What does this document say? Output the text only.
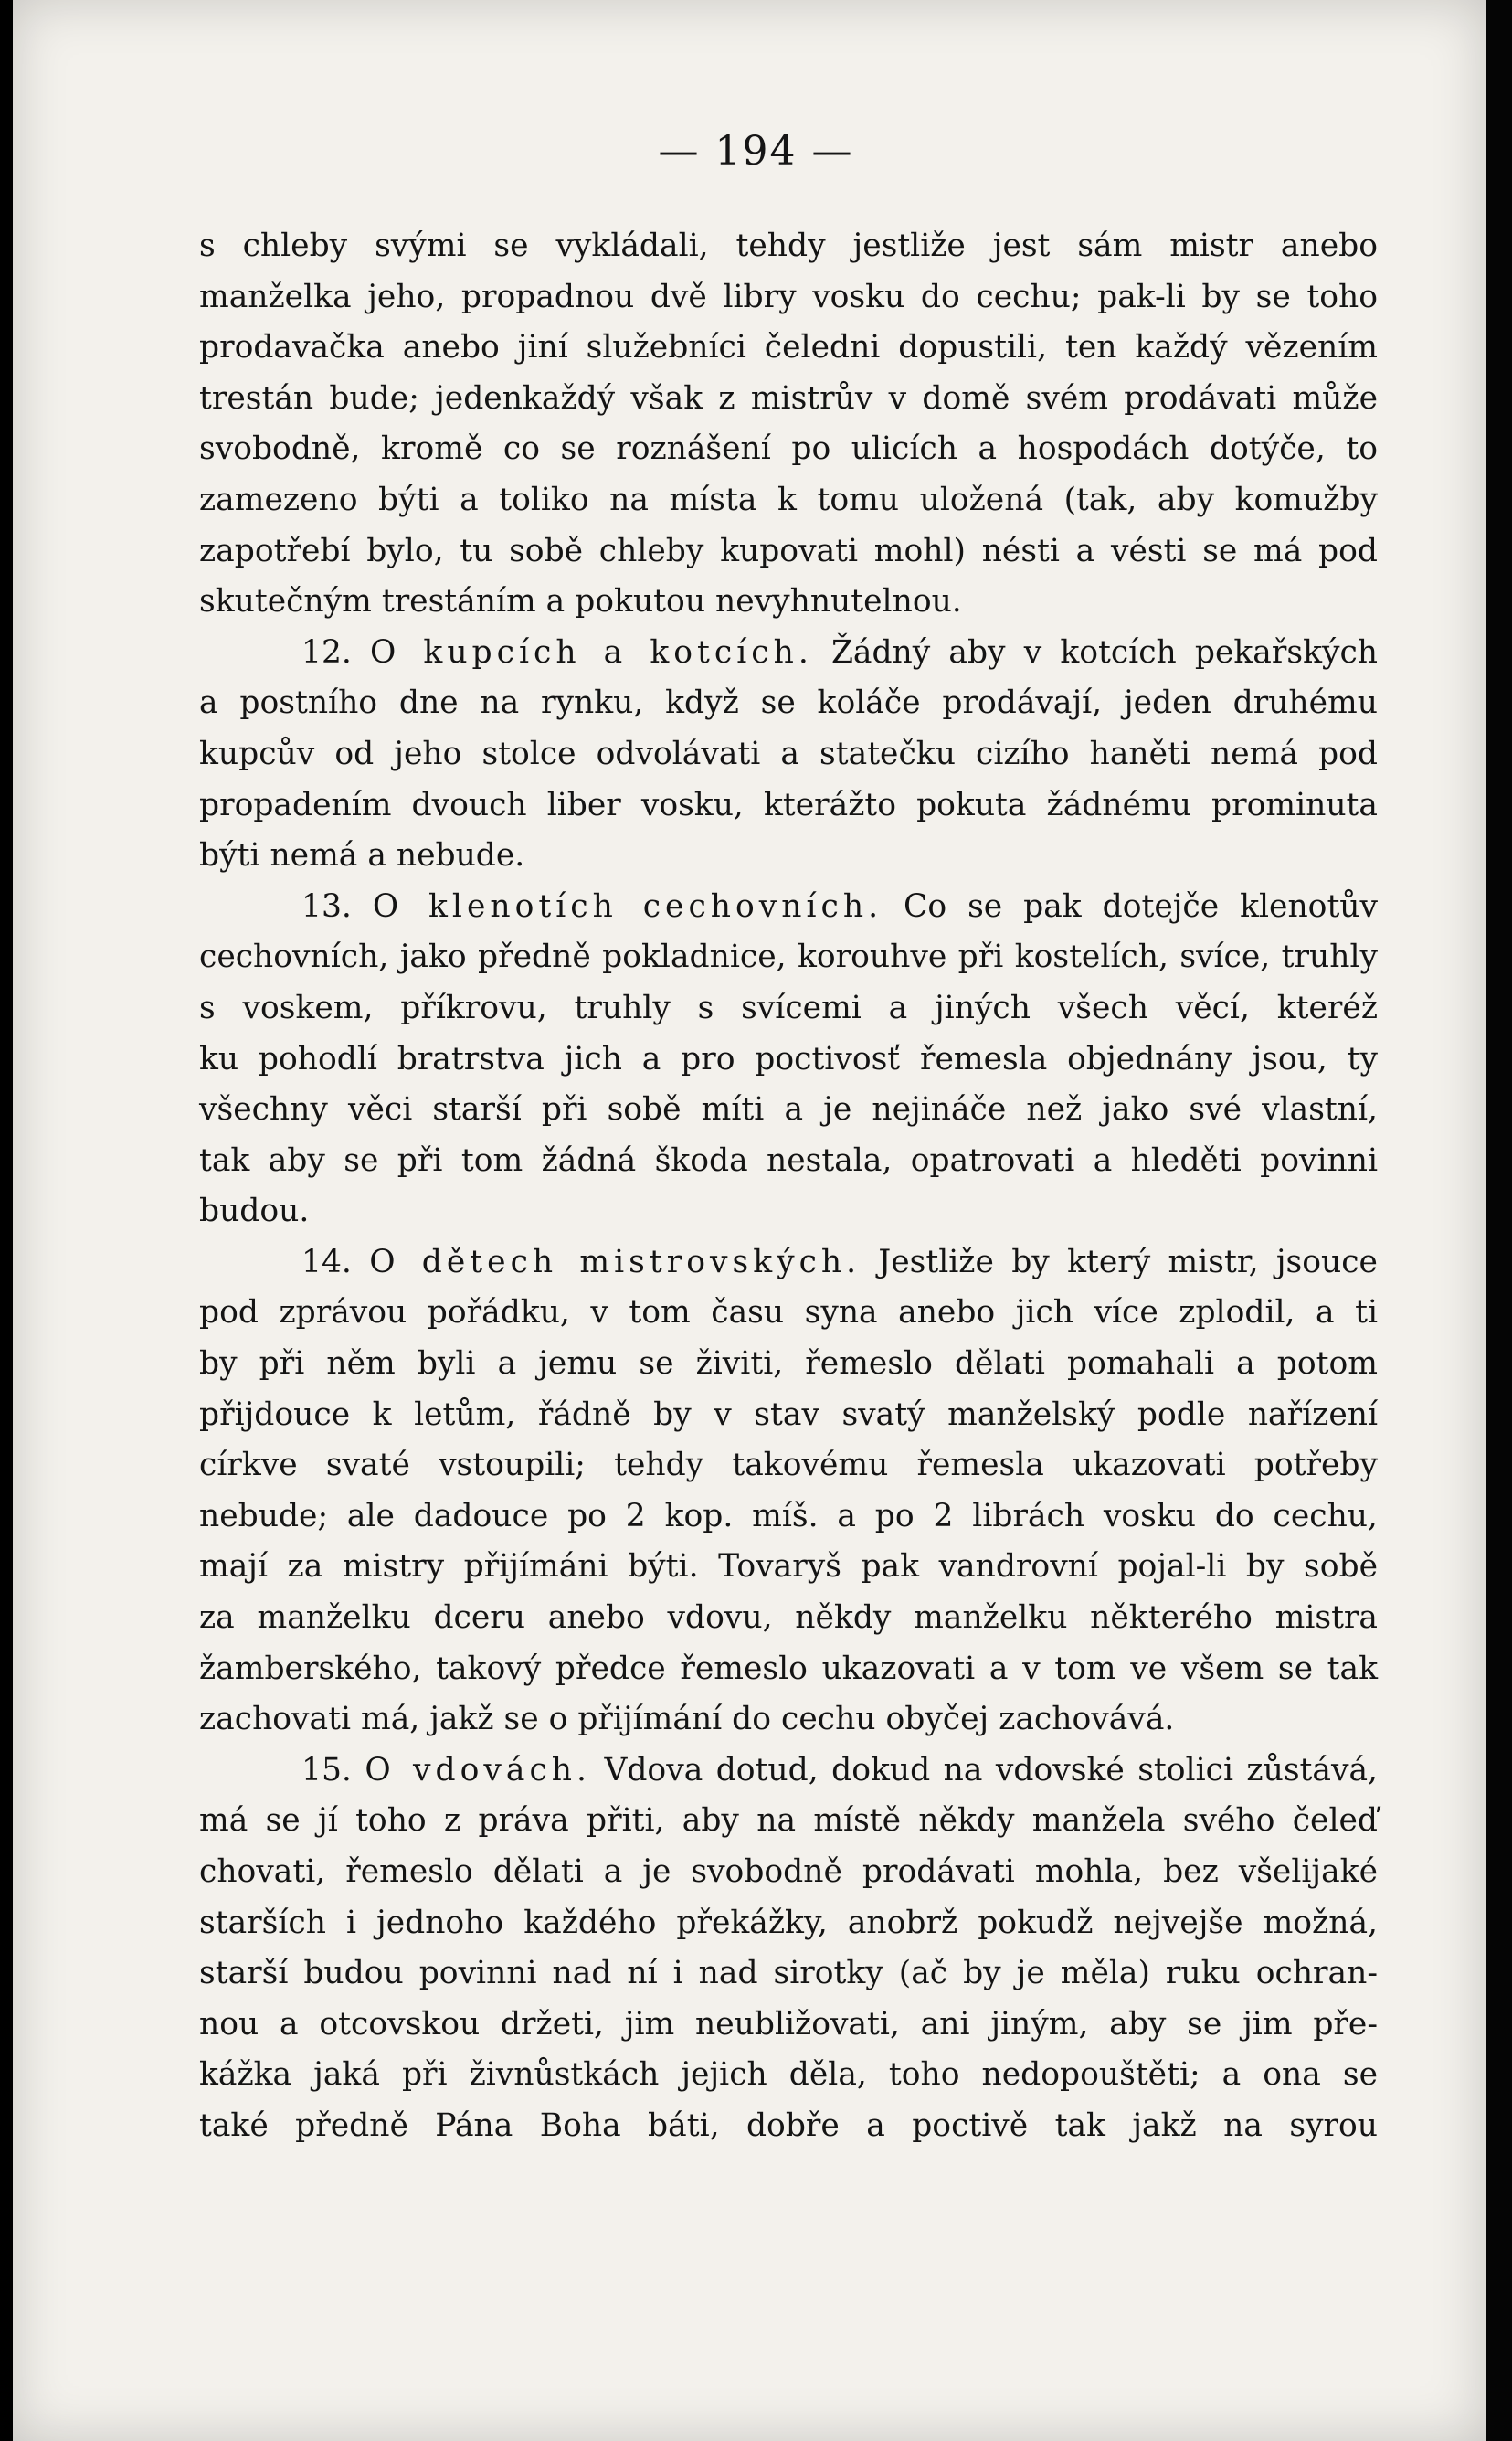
— 194 —
s chleby svými se vykládali, tehdy jestliže jest sám mistr anebo
manželka jeho, propadnou dvě libry vosku do cechu; pak-li by se toho
prodavačka anebo jiní služebníci čeledni dopustili, ten každý vězením
trestán bude; jedenkaždý však z mistrův v domě svém prodávati může
svobodně, kromě co se roznášení po ulicích a hospodách dotýče, to
zamezeno býti a toliko na místa k tomu uložená (tak, aby komužby
zapotřebí bylo, tu sobě chleby kupovati mohl) nésti a vésti se má pod
skutečným trestáním a pokutou nevyhnutelnou.
12. O kupcích a kotcích. Žádný aby v kotcích pekařských
a postního dne na rynku, když se koláče prodávají, jeden druhému
kupcův od jeho stolce odvolávati a statečku cizího haněti nemá pod
propadením dvouch liber vosku, kterážto pokuta žádnému prominuta
býti nemá a nebude.
13. O klenotích cechovních. Co se pak dotejče klenotův
cechovních, jako předně pokladnice, korouhve při kostelích, svíce, truhly
s voskem, příkrovu, truhly s svícemi a jiných všech věcí, kteréž
ku pohodlí bratrstva jich a pro poctivosť řemesla objednány jsou, ty
všechny věci starší při sobě míti a je nejináče než jako své vlastní,
tak aby se při tom žádná škoda nestala, opatrovati a hleděti povinni
budou.
14. O dětech mistrovských. Jestliže by který mistr, jsouce
pod zprávou pořádku, v tom času syna anebo jich více zplodil, a ti
by při něm byli a jemu se živiti, řemeslo dělati pomahali a potom
přijdouce k letům, řádně by v stav svatý manželský podle nařízení
církve svaté vstoupili; tehdy takovému řemesla ukazovati potřeby
nebude; ale dadouce po 2 kop. míš. a po 2 librách vosku do cechu,
mají za mistry přijímáni býti. Tovaryš pak vandrovní pojal-li by sobě
za manželku dceru anebo vdovu, někdy manželku některého mistra
žamberského, takový předce řemeslo ukazovati a v tom ve všem se tak
zachovati má, jakž se o přijímání do cechu obyčej zachovává.
15. O vdovách. Vdova dotud, dokud na vdovské stolici zůstává,
má se jí toho z práva přiti, aby na místě někdy manžela svého čeleď
chovati, řemeslo dělati a je svobodně prodávati mohla, bez všelijaké
starších i jednoho každého překážky, anobrž pokudž nejvejše možná,
starší budou povinni nad ní i nad sirotky (ač by je měla) ruku ochran-
nou a otcovskou držeti, jim neubližovati, ani jiným, aby se jim pře-
kážka jaká při živnůstkách jejich děla, toho nedopouštěti; a ona se
také předně Pána Boha báti, dobře a poctivě tak jakž na syrou
